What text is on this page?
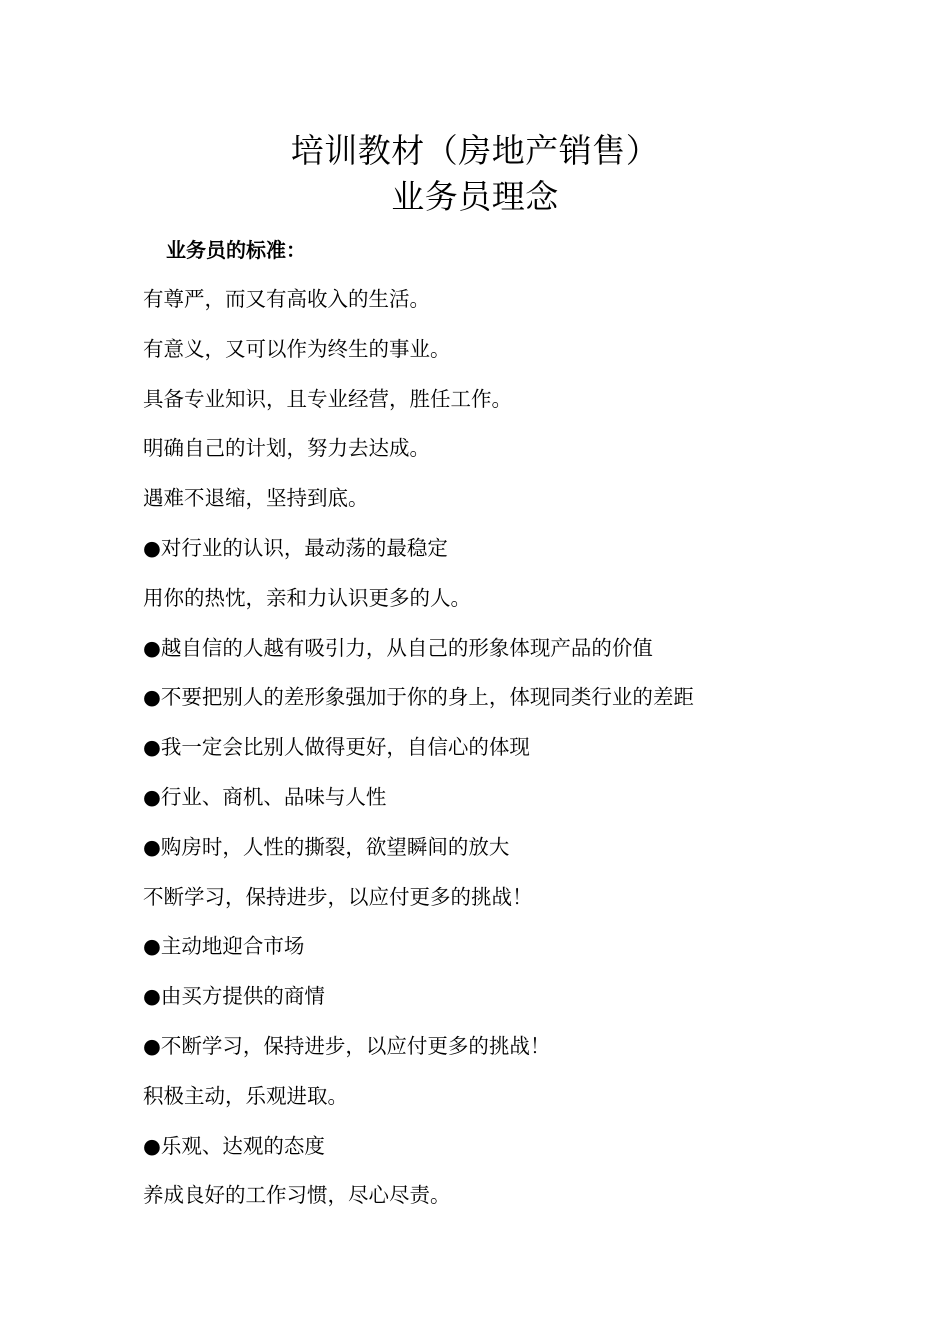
培训教材（房地产销售）
业务员理念
业务员的标准：
有尊严，而又有高收入的生活。
有意义，又可以作为终生的事业。
具备专业知识，且专业经营，胜任工作。
明确自己的计划，努力去达成。
遇难不退缩，坚持到底。
●对行业的认识，最动荡的最稳定
用你的热忱，亲和力认识更多的人。
●越自信的人越有吸引力，从自己的形象体现产品的价值
●不要把别人的差形象强加于你的身上，体现同类行业的差距
●我一定会比别人做得更好，自信心的体现
●行业、商机、品味与人性
●购房时，人性的撕裂，欲望瞬间的放大
不断学习，保持进步，以应付更多的挑战！
●主动地迎合市场
●由买方提供的商情
●不断学习，保持进步，以应付更多的挑战！
积极主动，乐观进取。
●乐观、达观的态度
养成良好的工作习惯，尽心尽责。
